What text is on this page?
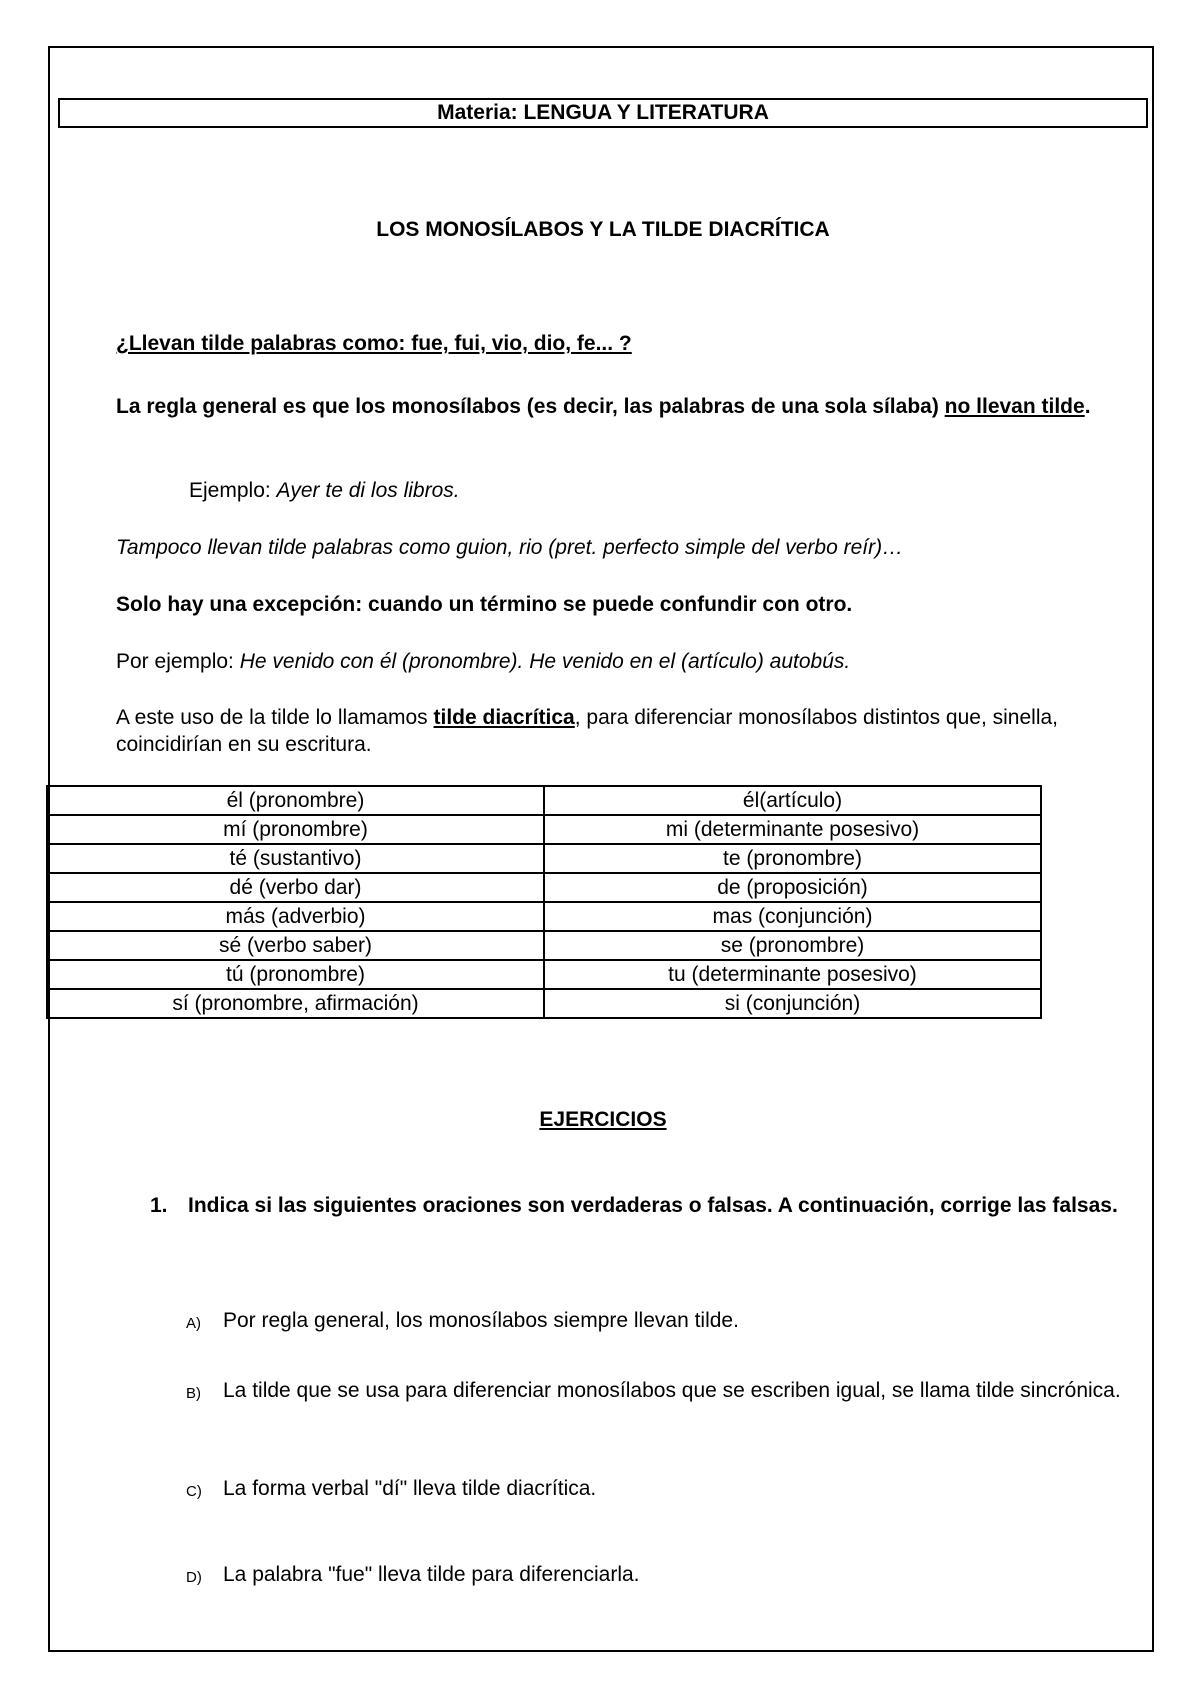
Materia: LENGUA Y LITERATURA
LOS MONOSÍLABOS Y LA TILDE DIACRÍTICA
¿Llevan tilde palabras como: fue, fui, vio, dio, fe... ?
La regla general es que los monosílabos (es decir, las palabras de una sola sílaba) no llevan tilde.
Ejemplo: Ayer te di los libros.
Tampoco llevan tilde palabras como guion, rio (pret. perfecto simple del verbo reír)…
Solo hay una excepción: cuando un término se puede confundir con otro.
Por ejemplo: He venido con él (pronombre). He venido en el (artículo) autobús.
A este uso de la tilde lo llamamos tilde diacrítica, para diferenciar monosílabos distintos que, sinella, coincidirían en su escritura.
él (pronombre)	él(artículo)
mí (pronombre)	mi (determinante posesivo)
té (sustantivo)	te (pronombre)
dé (verbo dar)	de (proposición)
más (adverbio)	mas (conjunción)
sé (verbo saber)	se (pronombre)
tú (pronombre)	tu (determinante posesivo)
sí (pronombre, afirmación)	si (conjunción)
EJERCICIOS
1. Indica si las siguientes oraciones son verdaderas o falsas. A continuación, corrige las falsas.
A) Por regla general, los monosílabos siempre llevan tilde.
B) La tilde que se usa para diferenciar monosílabos que se escriben igual, se llama tilde sincrónica.
C) La forma verbal "dí" lleva tilde diacrítica.
D) La palabra "fue" lleva tilde para diferenciarla.
